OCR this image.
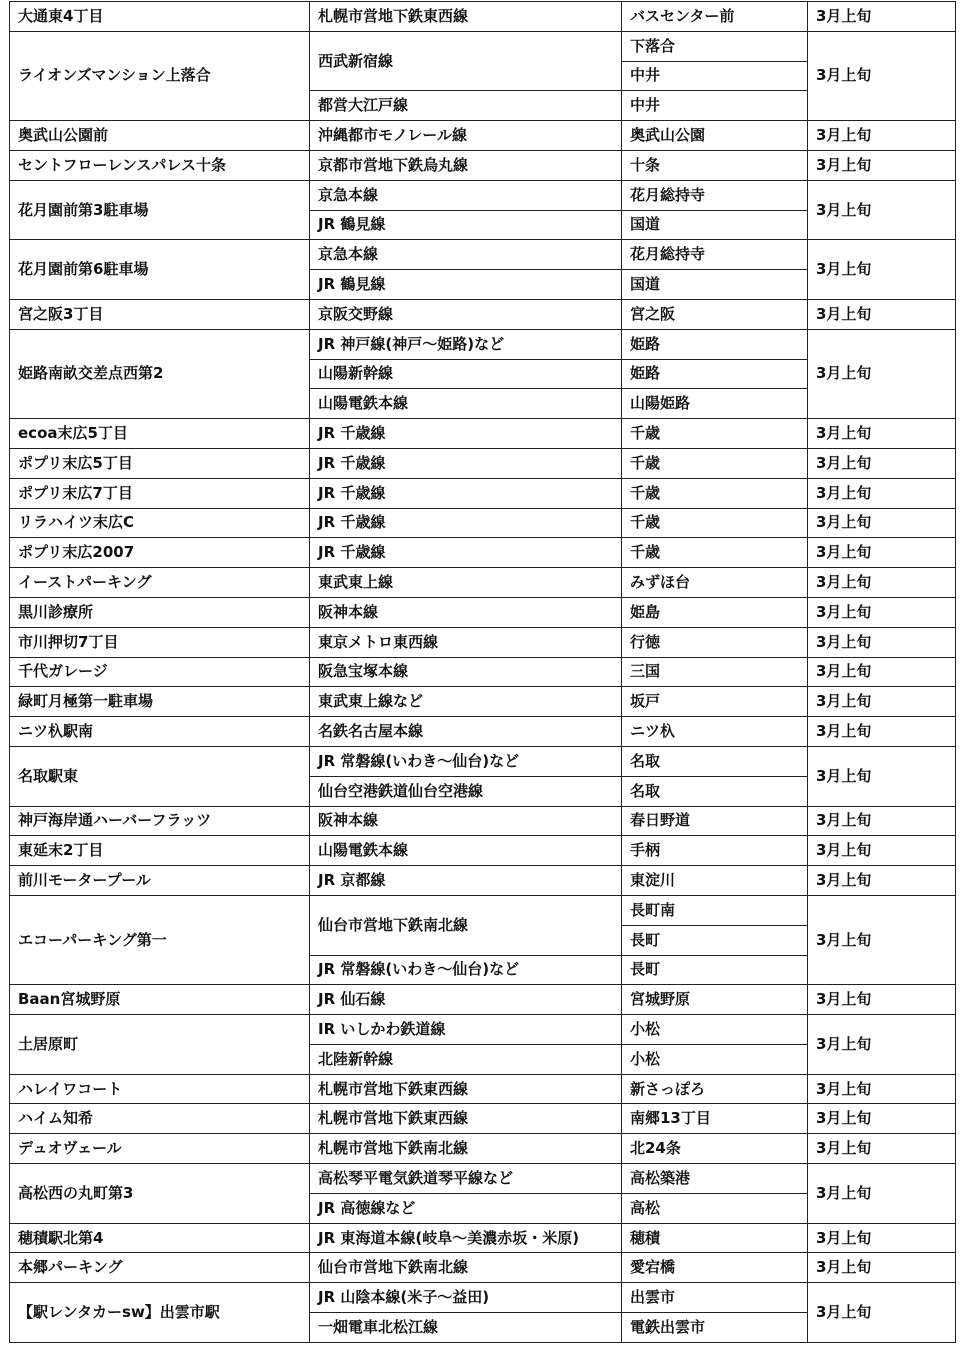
大通東4丁目	札幌市営地下鉄東西線	バスセンター前	3月上旬
ライオンズマンション上落合	西武新宿線	下落合	3月上旬
		中井	
	都営大江戸線	中井	
奥武山公園前	沖縄都市モノレール線	奥武山公園	3月上旬
セントフローレンスパレス十条	京都市営地下鉄烏丸線	十条	3月上旬
花月園前第3駐車場	京急本線	花月総持寺	3月上旬
	JR 鶴見線	国道	
花月園前第6駐車場	京急本線	花月総持寺	3月上旬
	JR 鶴見線	国道	
宮之阪3丁目	京阪交野線	宮之阪	3月上旬
姫路南畝交差点西第2	JR 神戸線(神戸～姫路)など	姫路	3月上旬
	山陽新幹線	姫路	
	山陽電鉄本線	山陽姫路	
ecoa末広5丁目	JR 千歳線	千歳	3月上旬
ポプリ末広5丁目	JR 千歳線	千歳	3月上旬
ポプリ末広7丁目	JR 千歳線	千歳	3月上旬
リラハイツ末広C	JR 千歳線	千歳	3月上旬
ポプリ末広2007	JR 千歳線	千歳	3月上旬
イーストパーキング	東武東上線	みずほ台	3月上旬
黒川診療所	阪神本線	姫島	3月上旬
市川押切7丁目	東京メトロ東西線	行徳	3月上旬
千代ガレージ	阪急宝塚本線	三国	3月上旬
緑町月極第一駐車場	東武東上線など	坂戸	3月上旬
ニツ杁駅南	名鉄名古屋本線	ニツ杁	3月上旬
名取駅東	JR 常磐線(いわき～仙台)など	名取	3月上旬
	仙台空港鉄道仙台空港線	名取	
神戸海岸通ハーバーフラッツ	阪神本線	春日野道	3月上旬
東延末2丁目	山陽電鉄本線	手柄	3月上旬
前川モータープール	JR 京都線	東淀川	3月上旬
エコーパーキング第一	仙台市営地下鉄南北線	長町南	3月上旬
		長町	
	JR 常磐線(いわき～仙台)など	長町	
Baan宮城野原	JR 仙石線	宮城野原	3月上旬
土居原町	IR いしかわ鉄道線	小松	3月上旬
	北陸新幹線	小松	
ハレイワコート	札幌市営地下鉄東西線	新さっぽろ	3月上旬
ハイム知希	札幌市営地下鉄東西線	南郷13丁目	3月上旬
デュオヴェール	札幌市営地下鉄南北線	北24条	3月上旬
高松西の丸町第3	高松琴平電気鉄道琴平線など	高松築港	3月上旬
	JR 高徳線など	高松	
穂積駅北第4	JR 東海道本線(岐阜～美濃赤坂・米原)	穂積	3月上旬
本郷パーキング	仙台市営地下鉄南北線	愛宕橋	3月上旬
【駅レンタカーsw】出雲市駅	JR 山陰本線(米子～益田)	出雲市	3月上旬
	一畑電車北松江線	電鉄出雲市	
